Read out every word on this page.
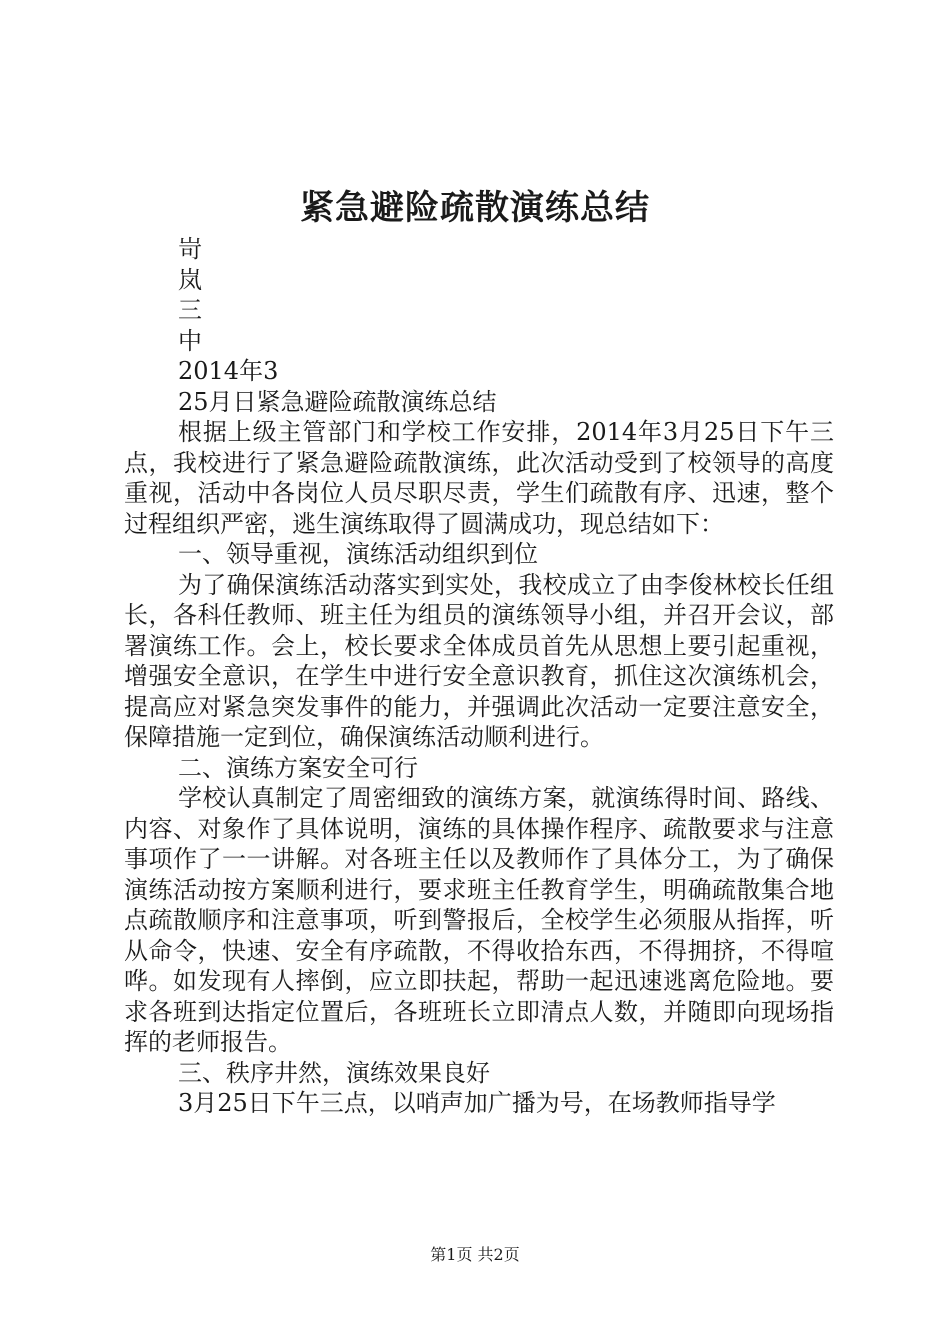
紧急避险疏散演练总结
岢
岚
三
中
2014年3
25月日紧急避险疏散演练总结
根据上级主管部门和学校工作安排，2014年3月25日下午三点，我校进行了紧急避险疏散演练，此次活动受到了校领导的高度重视，活动中各岗位人员尽职尽责，学生们疏散有序、迅速，整个过程组织严密，逃生演练取得了圆满成功，现总结如下：
一、领导重视，演练活动组织到位
为了确保演练活动落实到实处，我校成立了由李俊林校长任组长，各科任教师、班主任为组员的演练领导小组，并召开会议，部署演练工作。会上，校长要求全体成员首先从思想上要引起重视，增强安全意识，在学生中进行安全意识教育，抓住这次演练机会，提高应对紧急突发事件的能力，并强调此次活动一定要注意安全，保障措施一定到位，确保演练活动顺利进行。
二、演练方案安全可行
学校认真制定了周密细致的演练方案，就演练得时间、路线、内容、对象作了具体说明，演练的具体操作程序、疏散要求与注意事项作了一一讲解。对各班主任以及教师作了具体分工，为了确保演练活动按方案顺利进行，要求班主任教育学生，明确疏散集合地点疏散顺序和注意事项，听到警报后，全校学生必须服从指挥，听从命令，快速、安全有序疏散，不得收拾东西，不得拥挤，不得喧哗。如发现有人摔倒，应立即扶起，帮助一起迅速逃离危险地。要求各班到达指定位置后，各班班长立即清点人数，并随即向现场指挥的老师报告。
三、秩序井然，演练效果良好
3月25日下午三点，以哨声加广播为号，在场教师指导学
第1页 共2页
